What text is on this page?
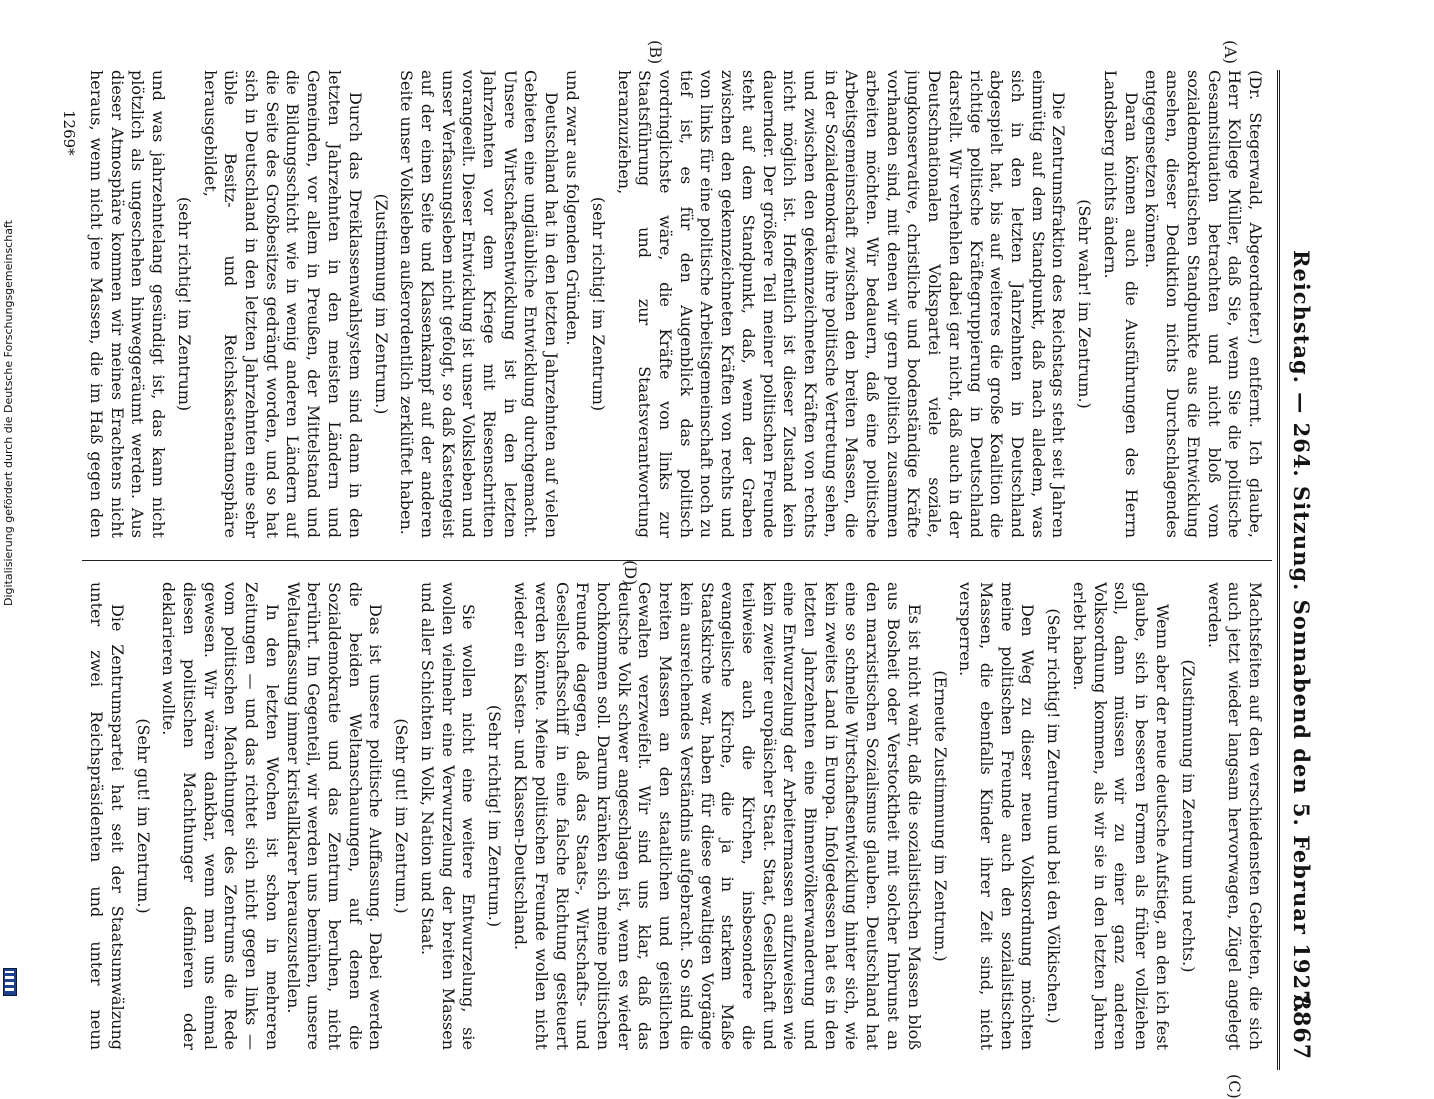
Reichstag. — 264. Sitzung. Sonnabend den 5. Februar 1927.
8867
(A)
(B)
(C)
(D)

(Dr. Stegerwald, Abgeordneter.) entfernt. Ich glaube, Herr Kollege Müller, daß Sie, wenn Sie die politische Gesamtsituation betrachten und nicht bloß vom sozialdemokratischen Standpunkte aus die Entwicklung ansehen, dieser Deduktion nichts Durchschlagendes entgegensetzen können.

Daran können auch die Ausführungen des Herrn Landsberg nichts ändern.

(Sehr wahr! im Zentrum.)

Die Zentrumsfraktion des Reichstags steht seit Jahren einmütig auf dem Standpunkt, daß nach alledem, was sich in den letzten Jahrzehnten in Deutschland abgespielt hat, bis auf weiteres die große Koalition die richtige politische Kräftegruppierung in Deutschland darstellt. Wir verhehlen dabei gar nicht, daß auch in der Deutschnationalen Volkspartei viele soziale, jungkonservative, christliche und bodenständige Kräfte vorhanden sind, mit denen wir gern politisch zusammen arbeiten möchten. Wir bedauern, daß eine politische Arbeitsgemeinschaft zwischen den breiten Massen, die in der Sozialdemokratie ihre politische Vertretung sehen, und zwischen den gekennzeichneten Kräften von rechts nicht möglich ist. Hoffentlich ist dieser Zustand kein dauernder. Der größere Teil meiner politischen Freunde steht auf dem Standpunkt, daß, wenn der Graben zwischen den gekennzeichneten Kräften von rechts und von links für eine politische Arbeitsgemeinschaft noch zu tief ist, es für den Augenblick das politisch vordringlichste wäre, die Kräfte von links zur Staatsführung und zur Staatsverantwortung heranzuziehen,

(sehr richtig! im Zentrum)

und zwar aus folgenden Gründen.

Deutschland hat in den letzten Jahrzehnten auf vielen Gebieten eine ungläubliche Entwicklung durchgemacht. Unsere Wirtschaftsentwicklung ist in den letzten Jahrzehnten vor dem Kriege mit Riesenschritten vorangeeilt. Dieser Entwicklung ist unser Volksleben und unser Verfassungsleben nicht gefolgt, so daß Kastengeist auf der einen Seite und Klassenkampf auf der anderen Seite unser Volksleben außerordentlich zerklüftet haben.

(Zustimmung im Zentrum.)

Durch das Dreiklassenwahlsystem sind dann in den letzten Jahrzehnten in den meisten Ländern und Gemeinden, vor allem in Preußen, der Mittelstand und die Bildungsschicht wie in wenig anderen Ländern auf die Seite des Großbesitzes gedrängt worden, und so hat sich in Deutschland in den letzten Jahrzehnten eine sehr üble Besitz- und Reichskastenatmosphäre herausgebildet,

(sehr richtig! im Zentrum)

und was jahrzehntelang gesündigt ist, das kann nicht plötzlich als ungeschehen hinweggeräumt werden. Aus dieser Atmosphäre kommen wir meines Erachtens nicht heraus, wenn nicht jene Massen, die im Haß gegen den

Machtsfeiten auf den verschiedensten Gebieten, die sich auch jetzt wieder langsam hervorwagen, Zügel angelegt werden.

(Zustimmung im Zentrum und rechts.)

Wenn aber der neue deutsche Aufstieg, an den ich fest glaube, sich in besseren Formen als früher vollziehen soll, dann müssen wir zu einer ganz anderen Volksordnung kommen, als wir sie in den letzten Jahren erlebt haben.

(Sehr richtig! im Zentrum und bei den Völkischen.)

Den Weg zu dieser neuen Volksordnung möchten meine politischen Freunde auch den sozialistischen Massen, die ebenfalls Kinder ihrer Zeit sind, nicht versperren.

(Erneute Zustimmung im Zentrum.)

Es ist nicht wahr, daß die sozialistischen Massen bloß aus Bosheit oder Verstocktheit mit solcher Inbrunst an den marxistischen Sozialismus glauben. Deutschland hat eine so schnelle Wirtschaftsentwicklung hinter sich, wie kein zweites Land in Europa. Infolgedessen hat es in den letzten Jahrzehnten eine Binnenvölkerwanderung und eine Entwurzelung der Arbeitermassen aufzuweisen wie kein zweiter europäischer Staat. Staat, Gesellschaft und teilweise auch die Kirchen, insbesondere die evangelische Kirche, die ja in starkem Maße Staatskirche war, haben für diese gewaltigen Vorgänge kein ausreichendes Verständnis aufgebracht. So sind die breiten Massen an den staatlichen und geistlichen Gewalten verzweifelt. Wir sind uns klar, daß das deutsche Volk schwer angeschlagen ist, wenn es wieder hochkommen soll. Darum kränken sich meine politischen Freunde dagegen, daß das Staats-, Wirtschafts- und Gesellschaftsschiff in eine falsche Richtung gesteuert werden könnte. Meine politischen Freunde wollen nicht wieder ein Kasten- und Klassen-Deutschland.

(Sehr richtig! im Zentrum.)

Sie wollen nicht eine weitere Entwurzelung, sie wollen vielmehr eine Verwurzelung der breiten Massen und aller Schichten in Volk, Nation und Staat.

(Sehr gut! im Zentrum.)

Das ist unsere politische Auffassung. Dabei werden die beiden Weltanschauungen, auf denen die Sozialdemokratie und das Zentrum beruhen, nicht berührt. Im Gegenteil, wir werden uns bemühen, unsere Weltauffassung immer kristallklarer herauszustellen.

In den letzten Wochen ist schon in mehreren Zeitungen — und das richtet sich nicht gegen links — vom politischen Machthunger des Zentrums die Rede gewesen. Wir wären dankbar, wenn man uns einmal diesen politischen Machthunger definieren oder deklarieren wollte.

(Sehr gut! im Zentrum.)

Die Zentrumspartei hat seit der Staatsumwälzung unter zwei Reichspräsidenten und unter neun

1269*
Digitalisierung gefördert durch die Deutsche Forschungsgemeinschaft
